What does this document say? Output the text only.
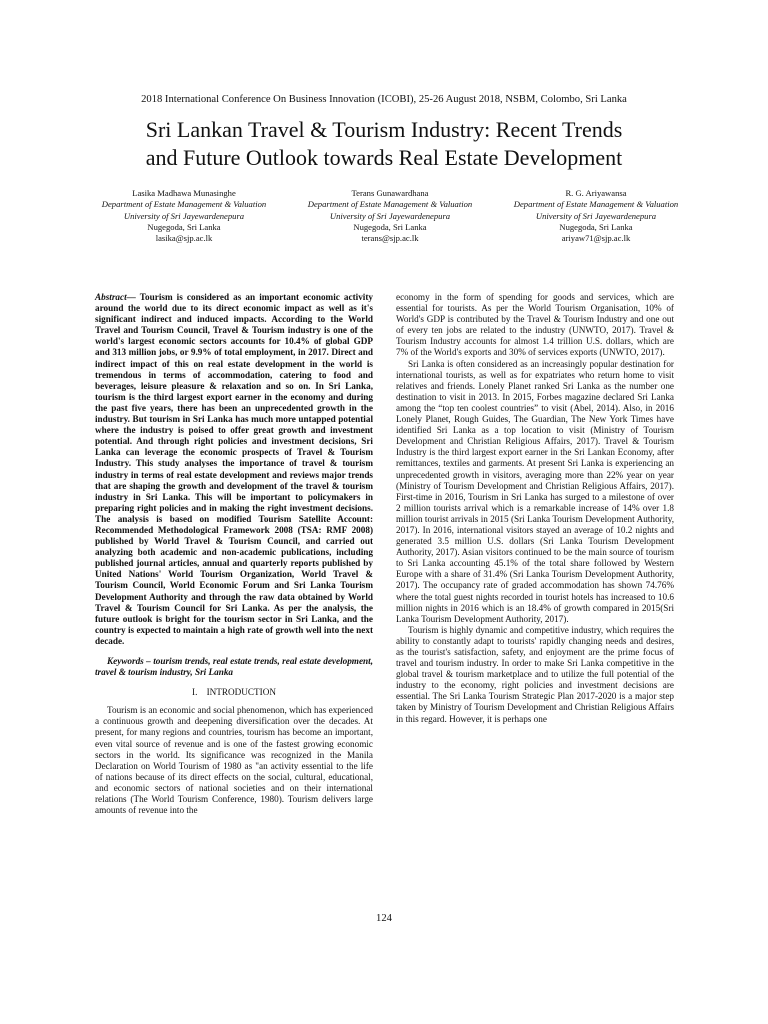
2018 International Conference On Business Innovation (ICOBI), 25-26 August 2018, NSBM, Colombo, Sri Lanka
Sri Lankan Travel & Tourism Industry: Recent Trends
and Future Outlook towards Real Estate Development
Lasika Madhawa Munasinghe
Department of Estate Management & Valuation
University of Sri Jayewardenepura
Nugegoda, Sri Lanka
lasika@sjp.ac.lk
Terans Gunawardhana
Department of Estate Management & Valuation
University of Sri Jayewardenepura
Nugegoda, Sri Lanka
terans@sjp.ac.lk
R. G. Ariyawansa
Department of Estate Management & Valuation
University of Sri Jayewardenepura
Nugegoda, Sri Lanka
ariyaw71@sjp.ac.lk

Abstract— Tourism is considered as an important economic activity around the world due to its direct economic impact as well as it's significant indirect and induced impacts. According to the World Travel and Tourism Council, Travel & Tourism industry is one of the world's largest economic sectors accounts for 10.4% of global GDP and 313 million jobs, or 9.9% of total employment, in 2017. Direct and indirect impact of this on real estate development in the world is tremendous in terms of accommodation, catering to food and beverages, leisure pleasure & relaxation and so on. In Sri Lanka, tourism is the third largest export earner in the economy and during the past five years, there has been an unprecedented growth in the industry. But tourism in Sri Lanka has much more untapped potential where the industry is poised to offer great growth and investment potential. And through right policies and investment decisions, Sri Lanka can leverage the economic prospects of Travel & Tourism Industry. This study analyses the importance of travel & tourism industry in terms of real estate development and reviews major trends that are shaping the growth and development of the travel & tourism industry in Sri Lanka. This will be important to policymakers in preparing right policies and in making the right investment decisions. The analysis is based on modified Tourism Satellite Account: Recommended Methodological Framework 2008 (TSA: RMF 2008) published by World Travel & Tourism Council, and carried out analyzing both academic and non-academic publications, including published journal articles, annual and quarterly reports published by United Nations' World Tourism Organization, World Travel & Tourism Council, World Economic Forum and Sri Lanka Tourism Development Authority and through the raw data obtained by World Travel & Tourism Council for Sri Lanka. As per the analysis, the future outlook is bright for the tourism sector in Sri Lanka, and the country is expected to maintain a high rate of growth well into the next decade.

Keywords – tourism trends, real estate trends, real estate development, travel & tourism industry, Sri Lanka

I. INTRODUCTION

Tourism is an economic and social phenomenon, which has experienced a continuous growth and deepening diversification over the decades. At present, for many regions and countries, tourism has become an important, even vital source of revenue and is one of the fastest growing economic sectors in the world. Its significance was recognized in the Manila Declaration on World Tourism of 1980 as "an activity essential to the life of nations because of its direct effects on the social, cultural, educational, and economic sectors of national societies and on their international relations (The World Tourism Conference, 1980). Tourism delivers large amounts of revenue into the

economy in the form of spending for goods and services, which are essential for tourists. As per the World Tourism Organisation, 10% of World's GDP is contributed by the Travel & Tourism Industry and one out of every ten jobs are related to the industry (UNWTO, 2017). Travel & Tourism Industry accounts for almost 1.4 trillion U.S. dollars, which are 7% of the World's exports and 30% of services exports (UNWTO, 2017).

Sri Lanka is often considered as an increasingly popular destination for international tourists, as well as for expatriates who return home to visit relatives and friends. Lonely Planet ranked Sri Lanka as the number one destination to visit in 2013. In 2015, Forbes magazine declared Sri Lanka among the “top ten coolest countries” to visit (Abel, 2014). Also, in 2016 Lonely Planet, Rough Guides, The Guardian, The New York Times have identified Sri Lanka as a top location to visit (Ministry of Tourism Development and Christian Religious Affairs, 2017). Travel & Tourism Industry is the third largest export earner in the Sri Lankan Economy, after remittances, textiles and garments. At present Sri Lanka is experiencing an unprecedented growth in visitors, averaging more than 22% year on year (Ministry of Tourism Development and Christian Religious Affairs, 2017). First-time in 2016, Tourism in Sri Lanka has surged to a milestone of over 2 million tourists arrival which is a remarkable increase of 14% over 1.8 million tourist arrivals in 2015 (Sri Lanka Tourism Development Authority, 2017). In 2016, international visitors stayed an average of 10.2 nights and generated 3.5 million U.S. dollars (Sri Lanka Tourism Development Authority, 2017). Asian visitors continued to be the main source of tourism to Sri Lanka accounting 45.1% of the total share followed by Western Europe with a share of 31.4% (Sri Lanka Tourism Development Authority, 2017). The occupancy rate of graded accommodation has shown 74.76% where the total guest nights recorded in tourist hotels has increased to 10.6 million nights in 2016 which is an 18.4% of growth compared in 2015(Sri Lanka Tourism Development Authority, 2017).

Tourism is highly dynamic and competitive industry, which requires the ability to constantly adapt to tourists' rapidly changing needs and desires, as the tourist's satisfaction, safety, and enjoyment are the prime focus of travel and tourism industry. In order to make Sri Lanka competitive in the global travel & tourism marketplace and to utilize the full potential of the industry to the economy, right policies and investment decisions are essential. The Sri Lanka Tourism Strategic Plan 2017-2020 is a major step taken by Ministry of Tourism Development and Christian Religious Affairs in this regard. However, it is perhaps one

124
